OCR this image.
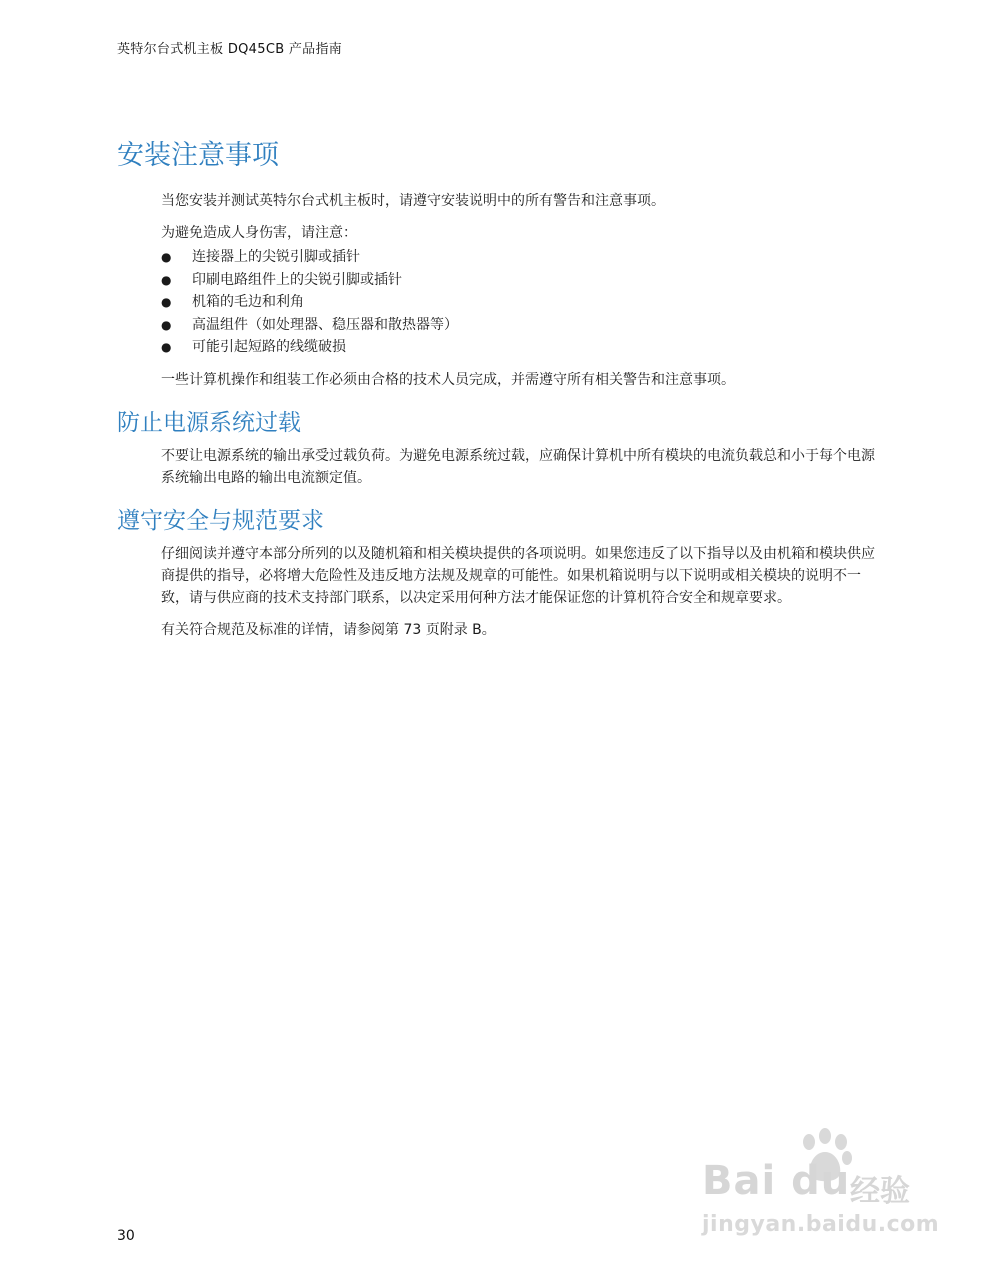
英特尔台式机主板 DQ45CB 产品指南
安装注意事项

当您安装并测试英特尔台式机主板时，请遵守安装说明中的所有警告和注意事项。

为避免造成人身伤害，请注意：

● 连接器上的尖锐引脚或插针
● 印刷电路组件上的尖锐引脚或插针
● 机箱的毛边和利角
● 高温组件（如处理器、稳压器和散热器等）
● 可能引起短路的线缆破损

一些计算机操作和组装工作必须由合格的技术人员完成，并需遵守所有相关警告和注意事项。

防止电源系统过载

不要让电源系统的输出承受过载负荷。为避免电源系统过载，应确保计算机中所有模块的电流负载总和小于每个电源系统输出电路的输出电流额定值。

遵守安全与规范要求

仔细阅读并遵守本部分所列的以及随机箱和相关模块提供的各项说明。如果您违反了以下指导以及由机箱和模块供应商提供的指导，必将增大危险性及违反地方法规及规章的可能性。如果机箱说明与以下说明或相关模块的说明不一致，请与供应商的技术支持部门联系，以决定采用何种方法才能保证您的计算机符合安全和规章要求。

有关符合规范及标准的详情，请参阅第 73 页附录 B。

30
Bai du 经验
jingyan.baidu.com
